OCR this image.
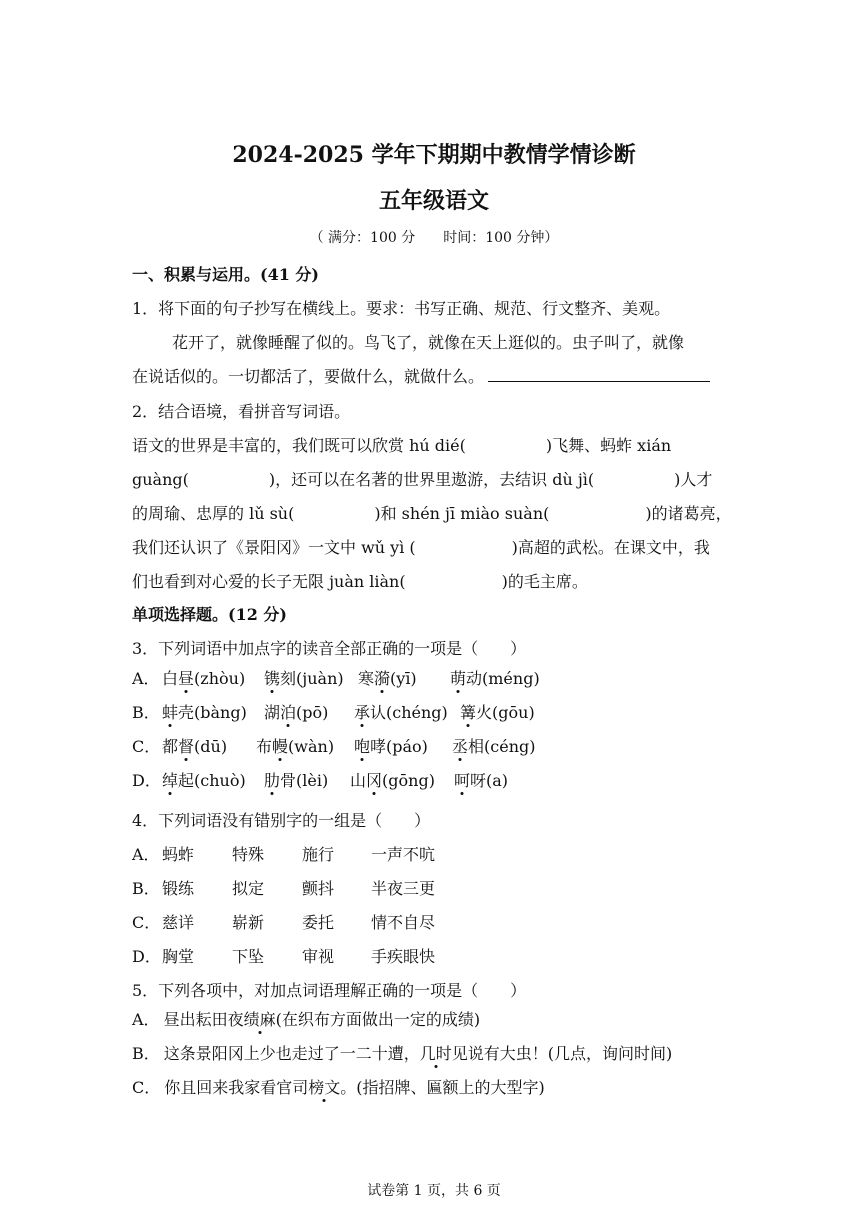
2024-2025 学年下期期中教情学情诊断
五年级语文
（ 满分：100 分　　时间：100 分钟）
一、积累与运用。(41 分)
1．将下面的句子抄写在横线上。要求：书写正确、规范、行文整齐、美观。
花开了，就像睡醒了似的。鸟飞了，就像在天上逛似的。虫子叫了，就像
在说话似的。一切都活了，要做什么，就做什么。
2．结合语境，看拼音写词语。
语文的世界是丰富的，我们既可以欣赏 hú dié(　　　　　)飞舞、蚂蚱 xián
guàng(　　　　　)，还可以在名著的世界里遨游，去结识 dù jì(　　　　　)人才
的周瑜、忠厚的 lǔ sù(　　　　　)和 shén jī miào suàn(　　　　　　)的诸葛亮，
我们还认识了《景阳冈》一文中 wǔ yì (　　　　　　)高超的武松。在课文中，我
们也看到对心爱的长子无限 juàn liàn(　　　　　　)的毛主席。
单项选择题。(12 分)
3．下列词语中加点字的读音全部正确的一项是（　　）
A． 白昼(zhòu) 镌刻(juàn) 寒漪(yī) 萌动(méng)
B． 蚌壳(bàng) 湖泊(pō) 承认(chéng) 篝火(gōu)
C． 都督(dū) 布幔(wàn) 咆哮(páo) 丞相(céng)
D． 绰起(chuò) 肋骨(lèi) 山冈(gōng) 呵呀(a)
4．下列词语没有错别字的一组是（　　）
A． 蚂蚱 特殊 施行 一声不吭
B． 锻练 拟定 颤抖 半夜三更
C． 慈详 崭新 委托 情不自尽
D． 胸堂 下坠 审视 手疾眼快
5．下列各项中，对加点词语理解正确的一项是（　　）
A． 昼出耘田夜绩麻(在织布方面做出一定的成绩)
B． 这条景阳冈上少也走过了一二十遭，几时见说有大虫！(几点，询问时间)
C． 你且回来我家看官司榜文。(指招牌、匾额上的大型字)
试卷第 1 页，共 6 页
